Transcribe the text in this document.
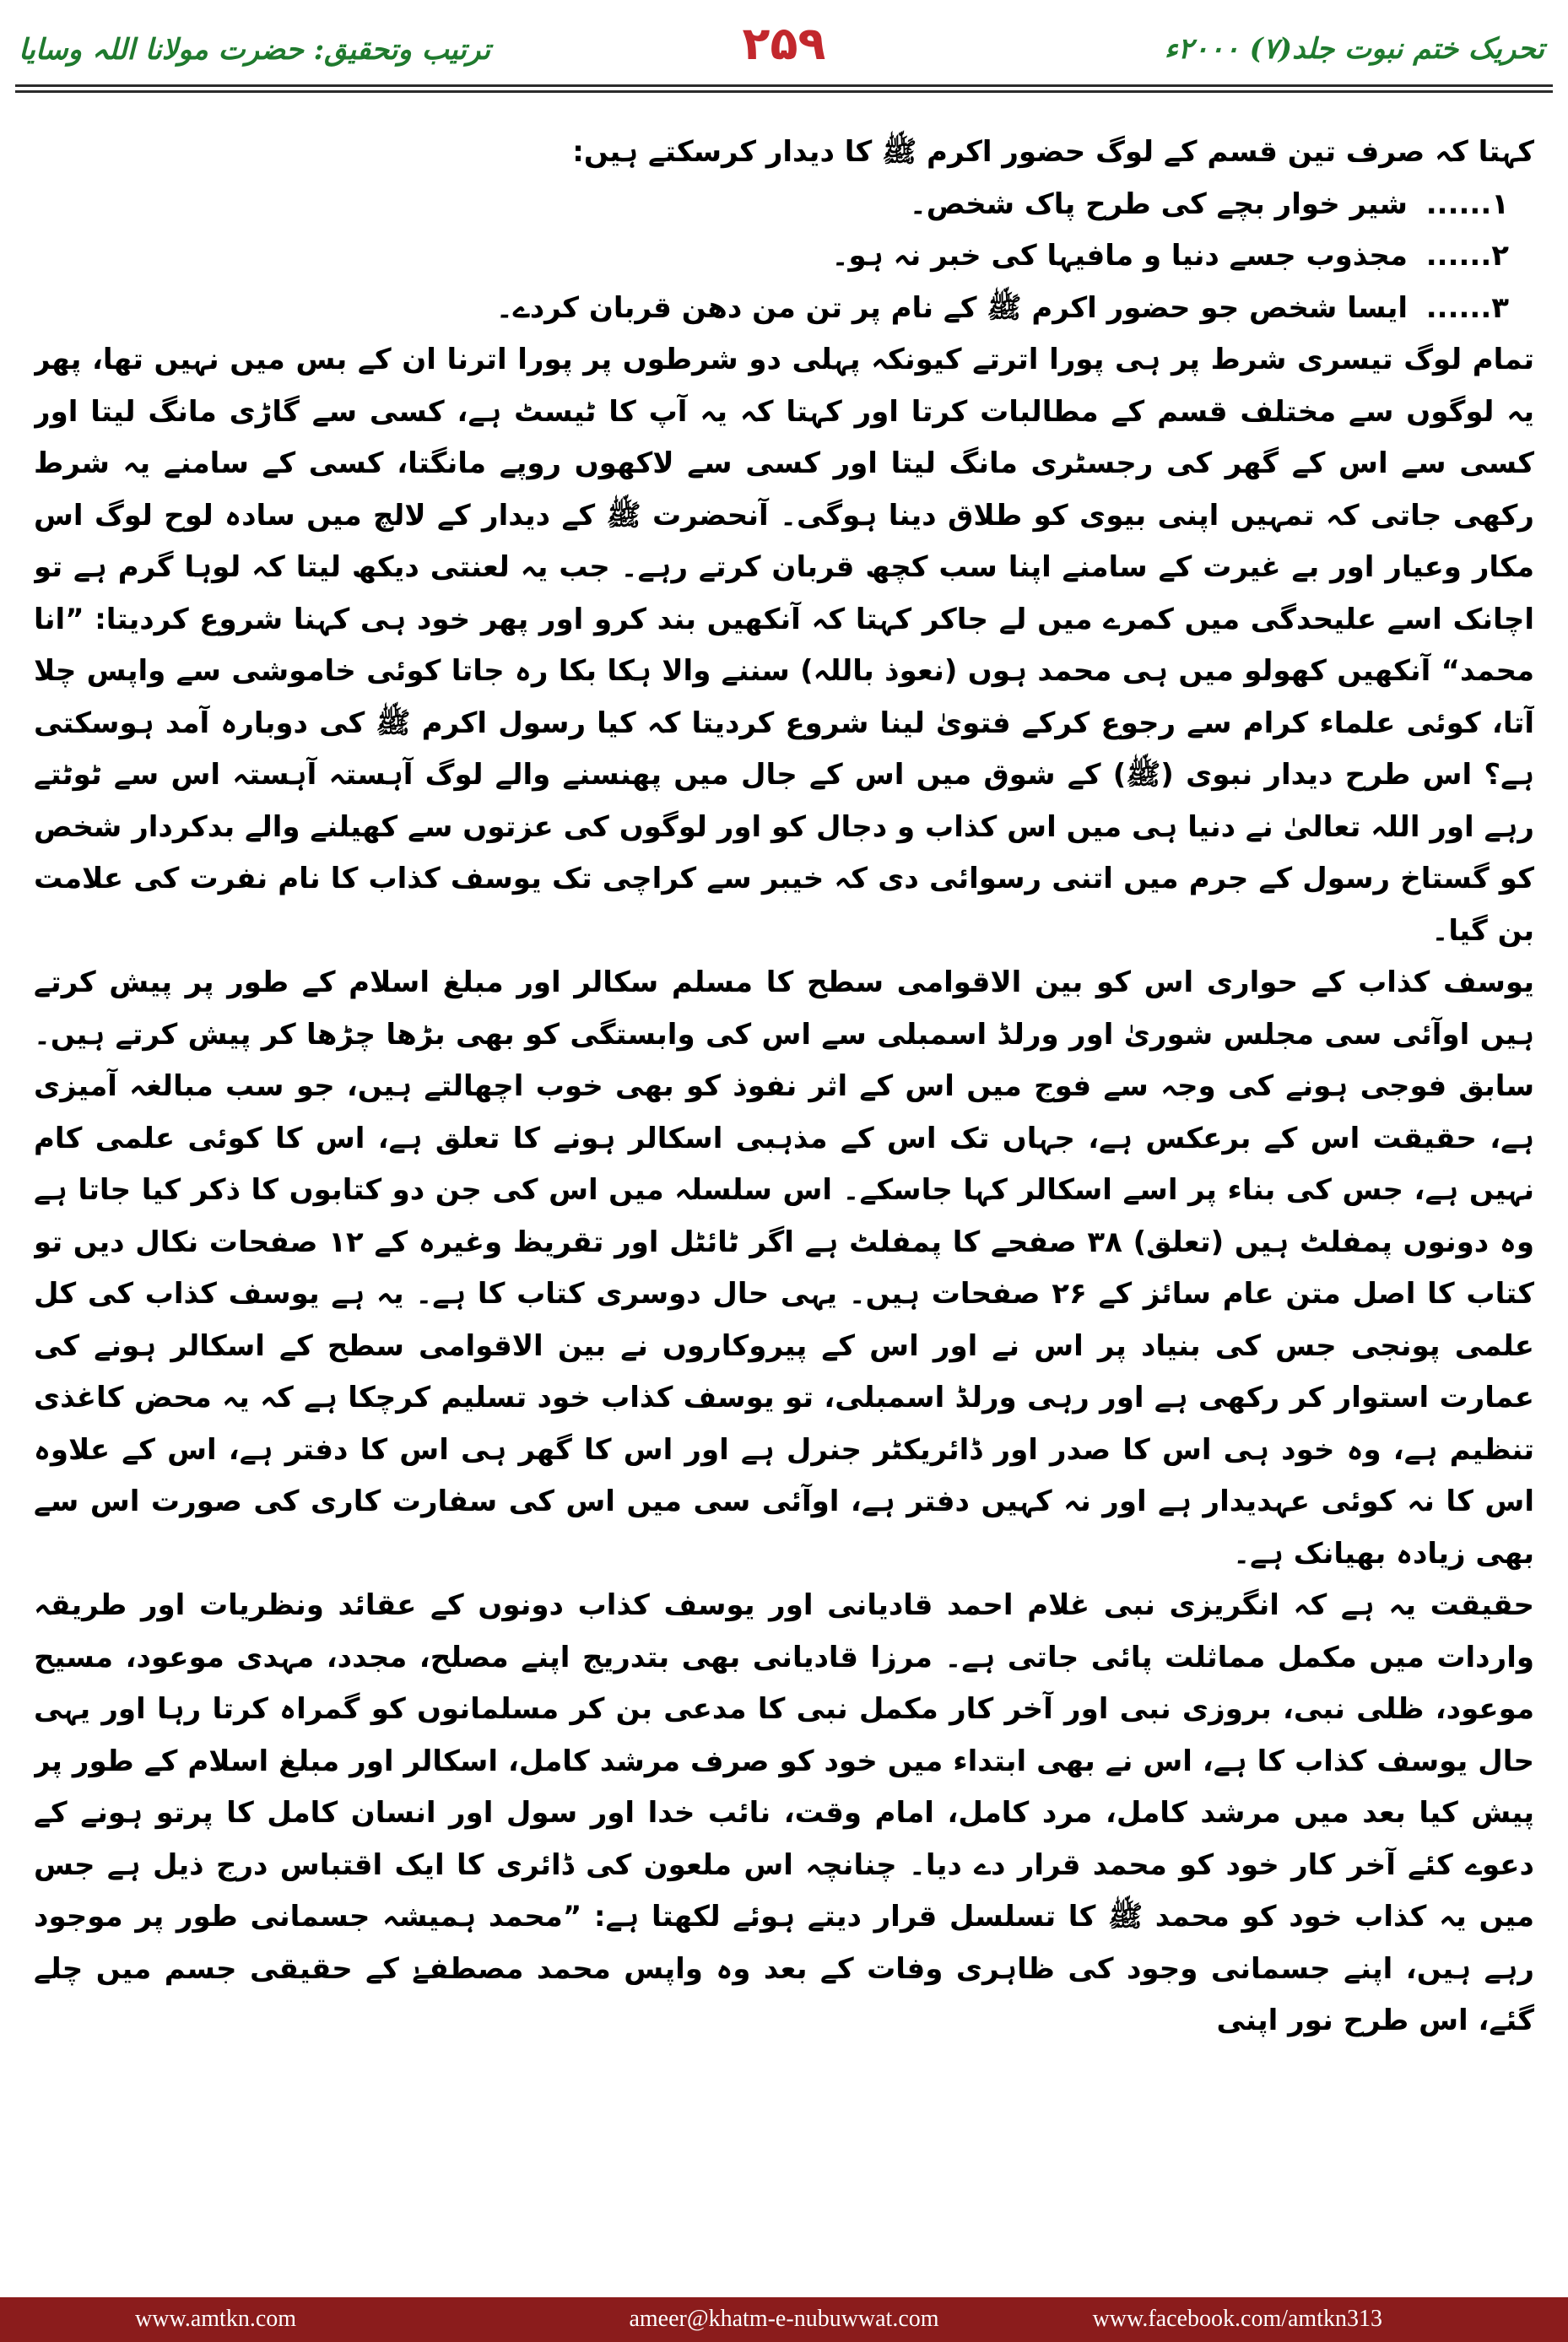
ترتیب وتحقیق: حضرت مولانا اللہ وسایا	۲۵۹	تحریک ختم نبوت جلد(۷) ۲۰۰۰ء

کہتا کہ صرف تین قسم کے لوگ حضور اکرم ﷺ کا دیدار کرسکتے ہیں:

۱......
شیر خوار بچے کی طرح پاک شخص۔
۲......
مجذوب جسے دنیا و مافیہا کی خبر نہ ہو۔
۳......
ایسا شخص جو حضور اکرم ﷺ کے نام پر تن من دھن قربان کردے۔

تمام لوگ تیسری شرط پر ہی پورا اترتے کیونکہ پہلی دو شرطوں پر پورا اترنا ان کے بس میں نہیں تھا، پھر یہ لوگوں سے مختلف قسم کے مطالبات کرتا اور کہتا کہ یہ آپ کا ٹیسٹ ہے، کسی سے گاڑی مانگ لیتا اور کسی سے اس کے گھر کی رجسٹری مانگ لیتا اور کسی سے لاکھوں روپے مانگتا، کسی کے سامنے یہ شرط رکھی جاتی کہ تمہیں اپنی بیوی کو طلاق دینا ہوگی۔ آنحضرت ﷺ کے دیدار کے لالچ میں سادہ لوح لوگ اس مکار وعیار اور بے غیرت کے سامنے اپنا سب کچھ قربان کرتے رہے۔ جب یہ لعنتی دیکھ لیتا کہ لوہا گرم ہے تو اچانک اسے علیحدگی میں کمرے میں لے جاکر کہتا کہ آنکھیں بند کرو اور پھر خود ہی کہنا شروع کردیتا: ”انا محمد“ آنکھیں کھولو میں ہی محمد ہوں (نعوذ باللہ) سننے والا ہکا بکا رہ جاتا کوئی خاموشی سے واپس چلا آتا، کوئی علماء کرام سے رجوع کرکے فتویٰ لینا شروع کردیتا کہ کیا رسول اکرم ﷺ کی دوبارہ آمد ہوسکتی ہے؟ اس طرح دیدار نبوی (ﷺ) کے شوق میں اس کے جال میں پھنسنے والے لوگ آہستہ آہستہ اس سے ٹوٹتے رہے اور اللہ تعالیٰ نے دنیا ہی میں اس کذاب و دجال کو اور لوگوں کی عزتوں سے کھیلنے والے بدکردار شخص کو گستاخ رسول کے جرم میں اتنی رسوائی دی کہ خیبر سے کراچی تک یوسف کذاب کا نام نفرت کی علامت بن گیا۔

یوسف کذاب کے حواری اس کو بین الاقوامی سطح کا مسلم سکالر اور مبلغ اسلام کے طور پر پیش کرتے ہیں اوآئی سی مجلس شوریٰ اور ورلڈ اسمبلی سے اس کی وابستگی کو بھی بڑھا چڑھا کر پیش کرتے ہیں۔ سابق فوجی ہونے کی وجہ سے فوج میں اس کے اثر نفوذ کو بھی خوب اچھالتے ہیں، جو سب مبالغہ آمیزی ہے، حقیقت اس کے برعکس ہے، جہاں تک اس کے مذہبی اسکالر ہونے کا تعلق ہے، اس کا کوئی علمی کام نہیں ہے، جس کی بناء پر اسے اسکالر کہا جاسکے۔ اس سلسلہ میں اس کی جن دو کتابوں کا ذکر کیا جاتا ہے وہ دونوں پمفلٹ ہیں (تعلق) ۳۸ صفحے کا پمفلٹ ہے اگر ٹائٹل اور تقریظ وغیرہ کے ۱۲ صفحات نکال دیں تو کتاب کا اصل متن عام سائز کے ۲۶ صفحات ہیں۔ یہی حال دوسری کتاب کا ہے۔ یہ ہے یوسف کذاب کی کل علمی پونجی جس کی بنیاد پر اس نے اور اس کے پیروکاروں نے بین الاقوامی سطح کے اسکالر ہونے کی عمارت استوار کر رکھی ہے اور رہی ورلڈ اسمبلی، تو یوسف کذاب خود تسلیم کرچکا ہے کہ یہ محض کاغذی تنظیم ہے، وہ خود ہی اس کا صدر اور ڈائریکٹر جنرل ہے اور اس کا گھر ہی اس کا دفتر ہے، اس کے علاوہ اس کا نہ کوئی عہدیدار ہے اور نہ کہیں دفتر ہے، اوآئی سی میں اس کی سفارت کاری کی صورت اس سے بھی زیادہ بھیانک ہے۔

حقیقت یہ ہے کہ انگریزی نبی غلام احمد قادیانی اور یوسف کذاب دونوں کے عقائد ونظریات اور طریقہ واردات میں مکمل مماثلت پائی جاتی ہے۔ مرزا قادیانی بھی بتدریج اپنے مصلح، مجدد، مہدی موعود، مسیح موعود، ظلی نبی، بروزی نبی اور آخر کار مکمل نبی کا مدعی بن کر مسلمانوں کو گمراہ کرتا رہا اور یہی حال یوسف کذاب کا ہے، اس نے بھی ابتداء میں خود کو صرف مرشد کامل، اسکالر اور مبلغ اسلام کے طور پر پیش کیا بعد میں مرشد کامل، مرد کامل، امام وقت، نائب خدا اور سول اور انسان کامل کا پرتو ہونے کے دعوے کئے آخر کار خود کو محمد قرار دے دیا۔ چنانچہ اس ملعون کی ڈائری کا ایک اقتباس درج ذیل ہے جس میں یہ کذاب خود کو محمد ﷺ کا تسلسل قرار دیتے ہوئے لکھتا ہے: ”محمد ہمیشہ جسمانی طور پر موجود رہے ہیں، اپنے جسمانی وجود کی ظاہری وفات کے بعد وہ واپس محمد مصطفےٰ کے حقیقی جسم میں چلے گئے، اس طرح نور اپنی

ameer@khatm-e-nubuwwat.com
www.amtkn.com	www.facebook.com/amtkn313
